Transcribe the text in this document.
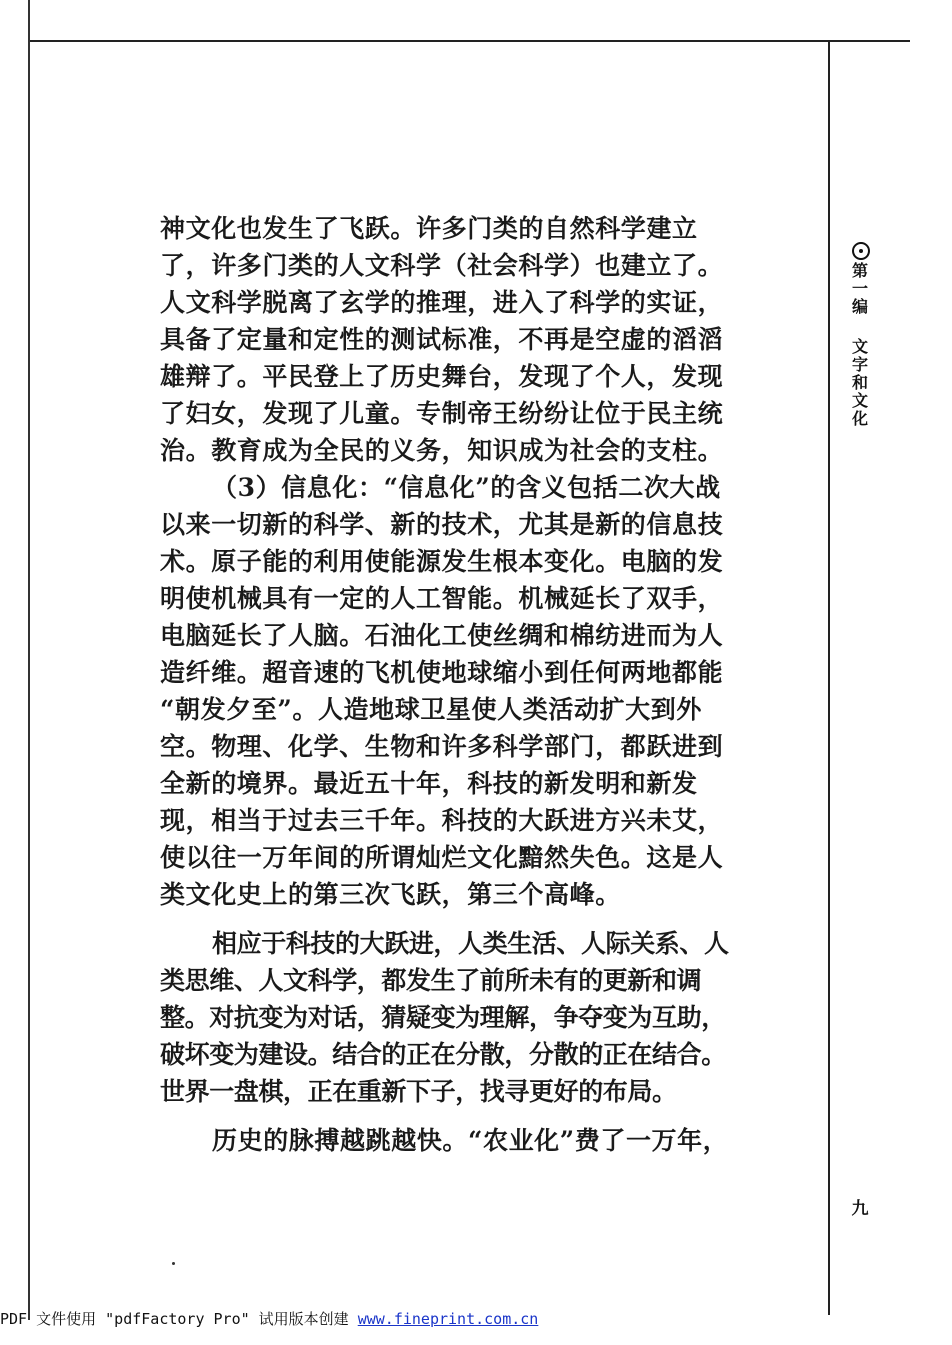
第
一
编
文
字
和
文
化
九
神文化也发生了飞跃。许多门类的自然科学建立
了，许多门类的人文科学（社会科学）也建立了。
人文科学脱离了玄学的推理，进入了科学的实证，
具备了定量和定性的测试标准，不再是空虚的滔滔
雄辩了。平民登上了历史舞台，发现了个人，发现
了妇女，发现了儿童。专制帝王纷纷让位于民主统
治。教育成为全民的义务，知识成为社会的支柱。
（3）信息化：“信息化”的含义包括二次大战
以来一切新的科学、新的技术，尤其是新的信息技
术。原子能的利用使能源发生根本变化。电脑的发
明使机械具有一定的人工智能。机械延长了双手，
电脑延长了人脑。石油化工使丝绸和棉纺进而为人
造纤维。超音速的飞机使地球缩小到任何两地都能
“朝发夕至”。人造地球卫星使人类活动扩大到外
空。物理、化学、生物和许多科学部门，都跃进到
全新的境界。最近五十年，科技的新发明和新发
现，相当于过去三千年。科技的大跃进方兴未艾，
使以往一万年间的所谓灿烂文化黯然失色。这是人
类文化史上的第三次飞跃，第三个高峰。
相应于科技的大跃进，人类生活、人际关系、人
类思维、人文科学，都发生了前所未有的更新和调
整。对抗变为对话，猜疑变为理解，争夺变为互助，
破坏变为建设。结合的正在分散，分散的正在结合。
世界一盘棋，正在重新下子，找寻更好的布局。
历史的脉搏越跳越快。“农业化”费了一万年，
PDF 文件使用 "pdfFactory Pro" 试用版本创建 www.fineprint.com.cn
